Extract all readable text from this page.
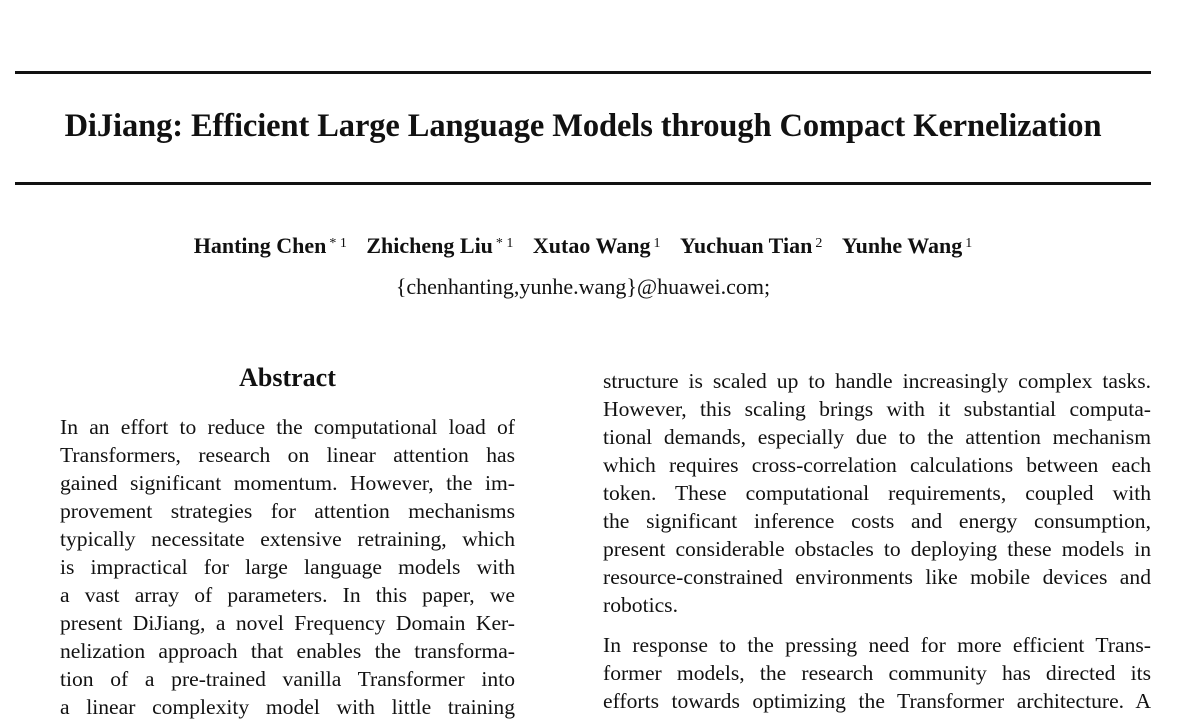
DiJiang: Efficient Large Language Models through Compact Kernelization
Hanting Chen $^{* 1}$ Zhicheng Liu $^{* 1}$ Xutao Wang $^1$ Yuchuan Tian $^2$ Yunhe Wang $^1$
{chenhanting,yunhe.wang}@huawei.com;
Abstract
In an effort to reduce the computational load of
Transformers, research on linear attention has
gained significant momentum. However, the im-
provement strategies for attention mechanisms
typically necessitate extensive retraining, which
is impractical for large language models with
a vast array of parameters. In this paper, we
present DiJiang, a novel Frequency Domain Ker-
nelization approach that enables the transforma-
tion of a pre-trained vanilla Transformer into
a linear complexity model with little training
structure is scaled up to handle increasingly complex tasks.
However, this scaling brings with it substantial computa-
tional demands, especially due to the attention mechanism
which requires cross-correlation calculations between each
token. These computational requirements, coupled with
the significant inference costs and energy consumption,
present considerable obstacles to deploying these models in
resource-constrained environments like mobile devices and
robotics.
In response to the pressing need for more efficient Trans-
former models, the research community has directed its
efforts towards optimizing the Transformer architecture. A
